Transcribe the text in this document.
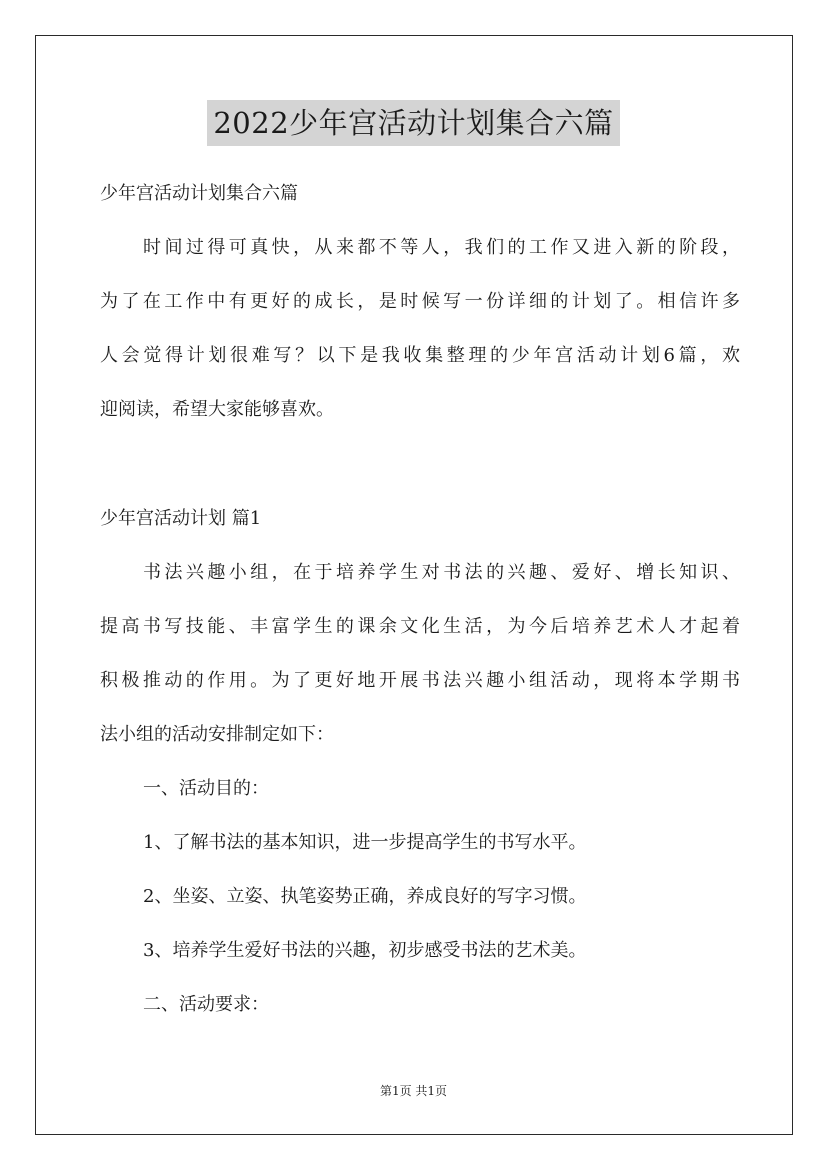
2022少年宫活动计划集合六篇
少年宫活动计划集合六篇
时间过得可真快，从来都不等人，我们的工作又进入新的阶段，
为了在工作中有更好的成长，是时候写一份详细的计划了。相信许多
人会觉得计划很难写？以下是我收集整理的少年宫活动计划6篇，欢
迎阅读，希望大家能够喜欢。
少年宫活动计划 篇1
书法兴趣小组，在于培养学生对书法的兴趣、爱好、增长知识、
提高书写技能、丰富学生的课余文化生活，为今后培养艺术人才起着
积极推动的作用。为了更好地开展书法兴趣小组活动，现将本学期书
法小组的活动安排制定如下：
一、活动目的：
1、了解书法的基本知识，进一步提高学生的书写水平。
2、坐姿、立姿、执笔姿势正确，养成良好的写字习惯。
3、培养学生爱好书法的兴趣，初步感受书法的艺术美。
二、活动要求：
第1页 共1页
